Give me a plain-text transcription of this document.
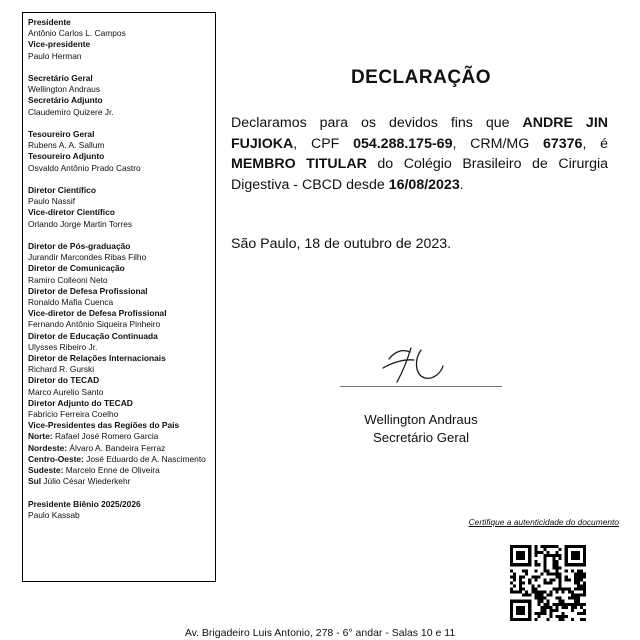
Presidente
Antônio Carlos L. Campos
Vice-presidente
Paulo Herman
Secretário Geral
Wellington Andraus
Secretário Adjunto
Claudemiro Quizere Jr.
Tesoureiro Geral
Rubens A. A. Sallum
Tesoureiro Adjunto
Osvaldo Antônio Prado Castro
Diretor Científico
Paulo Nassif
Vice-diretor Científico
Orlando Jorge Martin Torres
Diretor de Pós-graduação
Jurandir Marcondes Ribas Filho
Diretor de Comunicação
Ramiro Colleoni Neto
Diretor de Defesa Profissional
Ronaldo Mafia Cuenca
Vice-diretor de Defesa Profissional
Fernando Antônio Siqueira Pinheiro
Diretor de Educação Continuada
Ulysses Ribeiro Jr.
Diretor de Relações Internacionais
Richard R. Gurski
Diretor do TECAD
Marco Aurelio Santo
Diretor Adjunto do TECAD
Fabricio Ferreira Coelho
Vice-Presidentes das Regiões do País
Norte: Rafael José Romero Garcia
Nordeste: Álvaro A. Bandeira Ferraz
Centro-Oeste: José Eduardo de A. Nascimento
Sudeste: Marcelo Enne de Oliveira
Sul Júlio César Wiederkehr
Presidente Biênio 2025/2026
Paulo Kassab
DECLARAÇÃO
Declaramos para os devidos fins que ANDRE JIN FUJIOKA, CPF 054.288.175-69, CRM/MG 67376, é MEMBRO TITULAR do Colégio Brasileiro de Cirurgia Digestiva - CBCD desde 16/08/2023.
São Paulo, 18 de outubro de 2023.
Wellington Andraus
Secretário Geral
Certifique a autenticidade do documento
Av. Brigadeiro Luis Antonio, 278 - 6° andar - Salas 10 e 11
